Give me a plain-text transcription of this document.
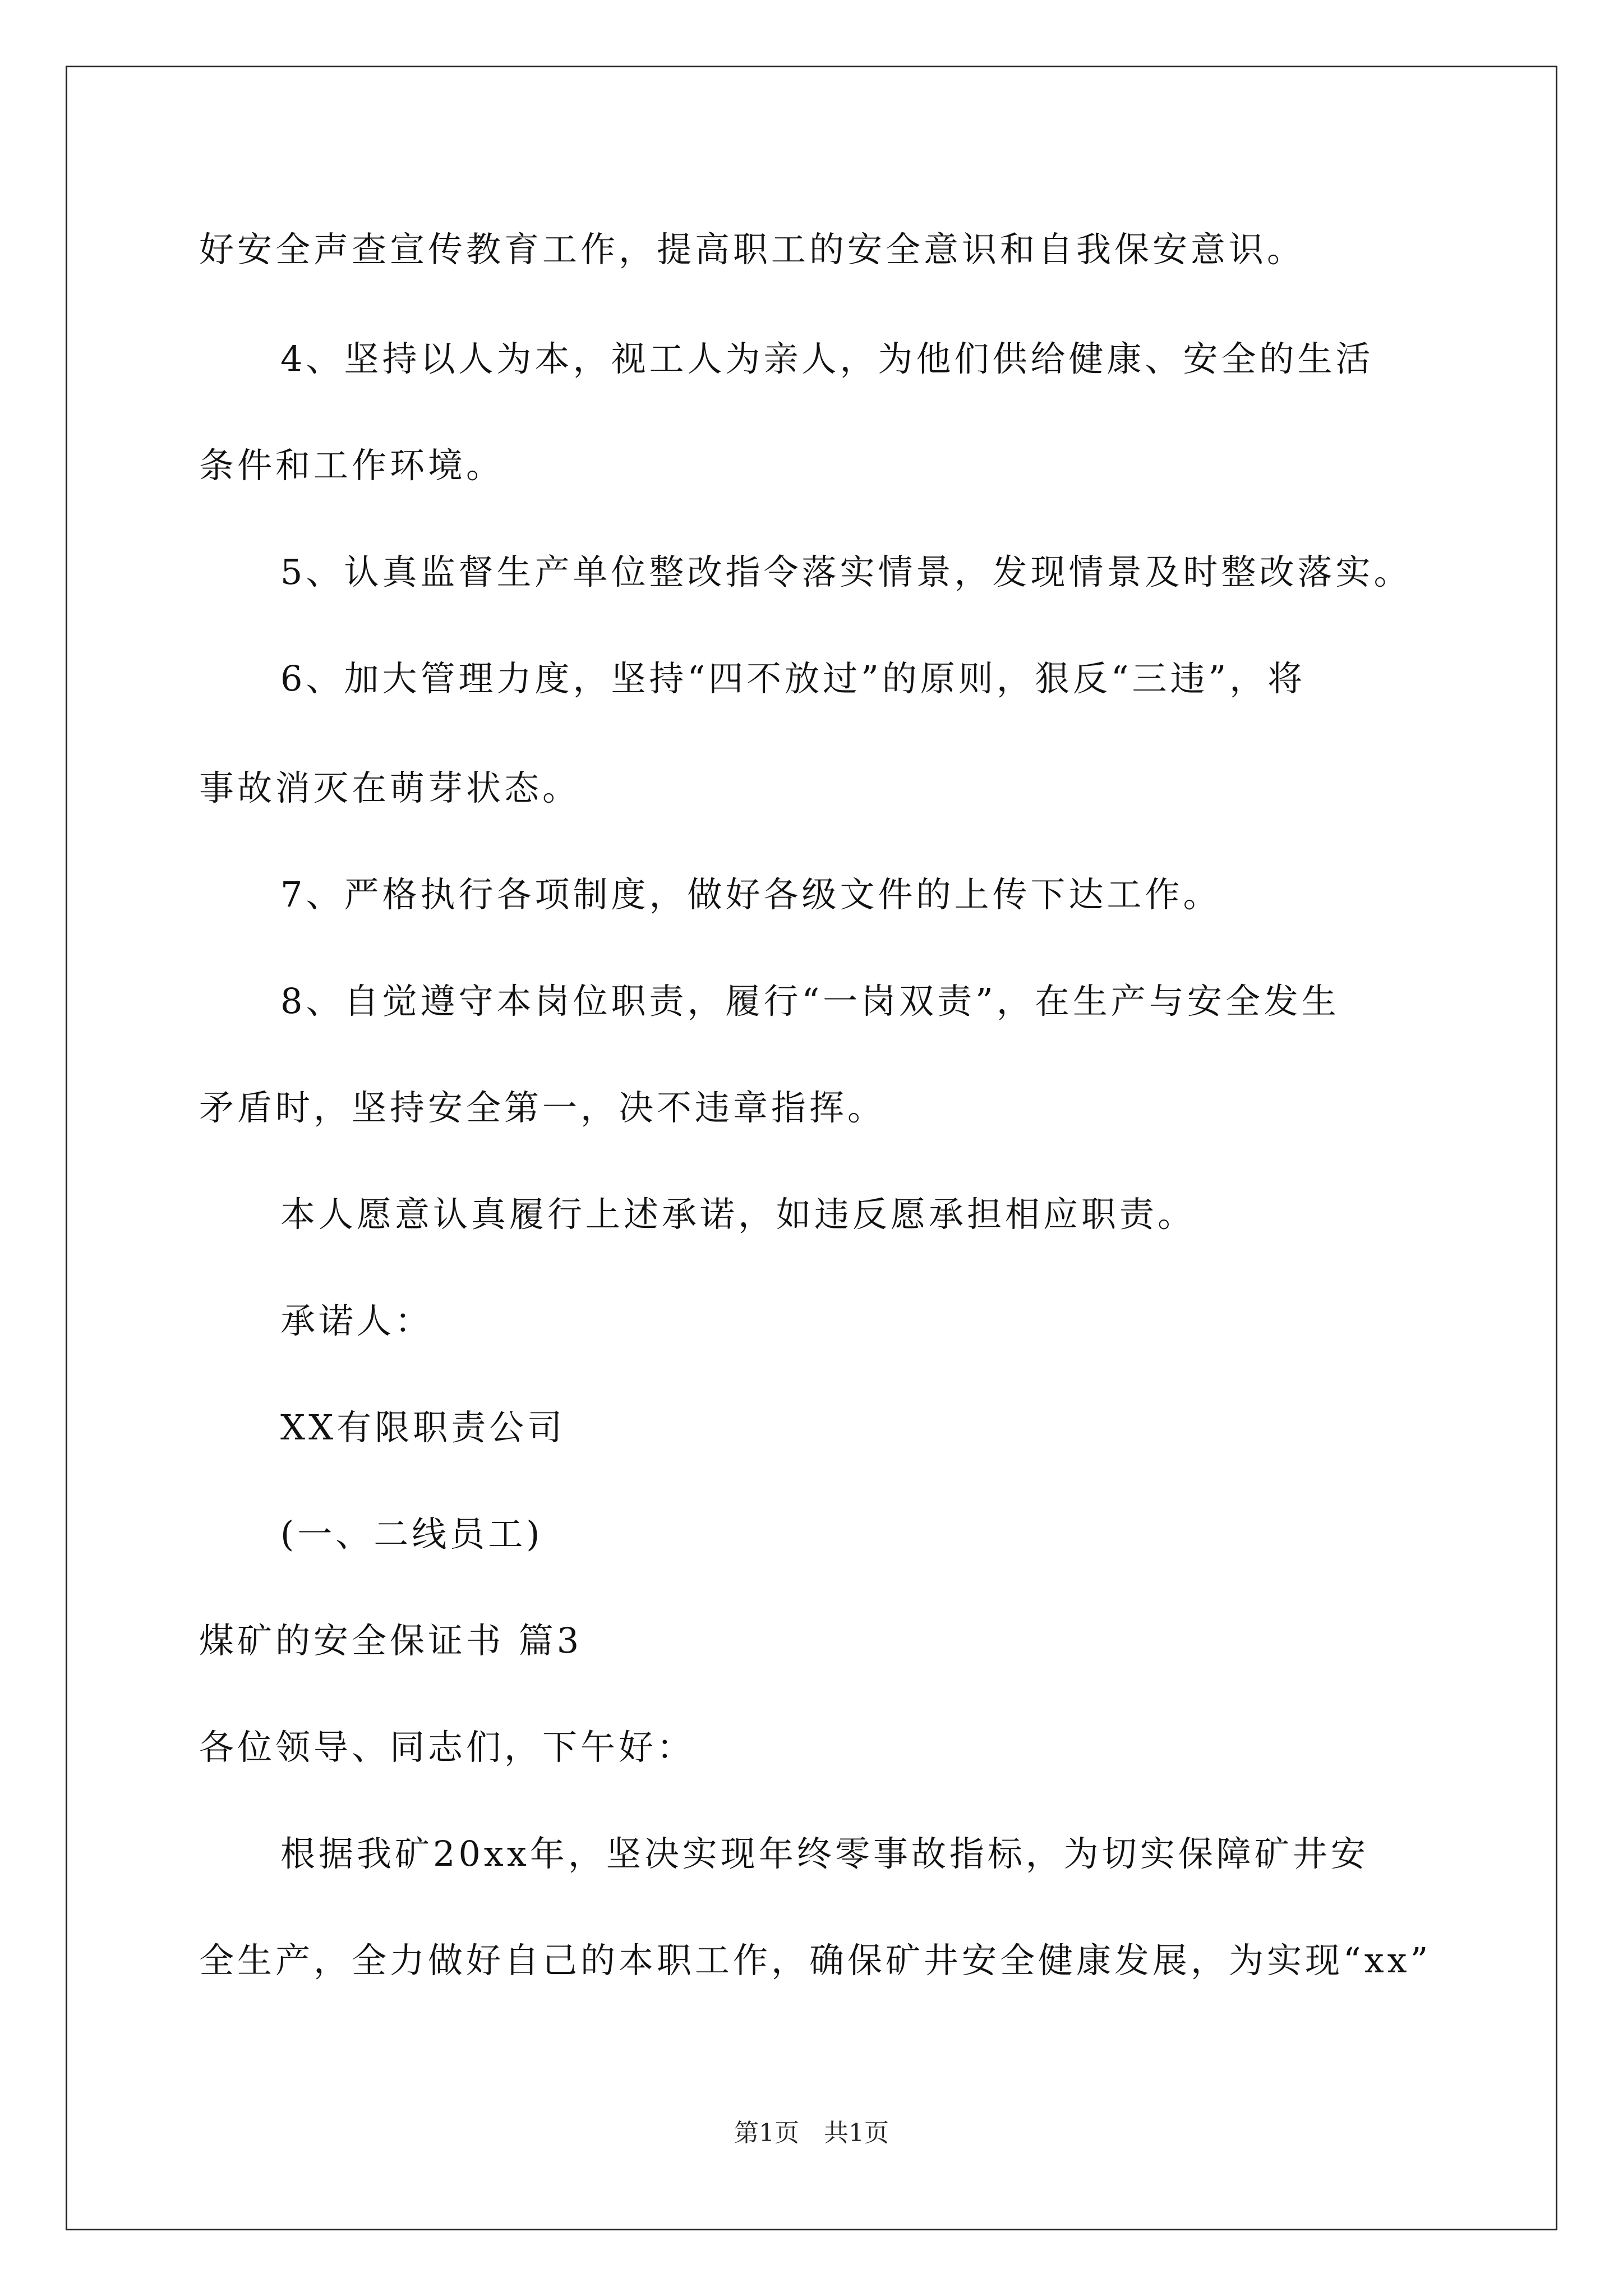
好安全声查宣传教育工作，提高职工的安全意识和自我保安意识。
4、坚持以人为本，视工人为亲人，为他们供给健康、安全的生活
条件和工作环境。
5、认真监督生产单位整改指令落实情景，发现情景及时整改落实。
6、加大管理力度，坚持“四不放过”的原则，狠反“三违”，将
事故消灭在萌芽状态。
7、严格执行各项制度，做好各级文件的上传下达工作。
8、自觉遵守本岗位职责，履行“一岗双责”，在生产与安全发生
矛盾时，坚持安全第一，决不违章指挥。
本人愿意认真履行上述承诺，如违反愿承担相应职责。
承诺人：
XX有限职责公司
(一、二线员工)
煤矿的安全保证书 篇3
各位领导、同志们，下午好：
根据我矿20xx年，坚决实现年终零事故指标，为切实保障矿井安
全生产，全力做好自己的本职工作，确保矿井安全健康发展，为实现“xx”
第1页　共1页
